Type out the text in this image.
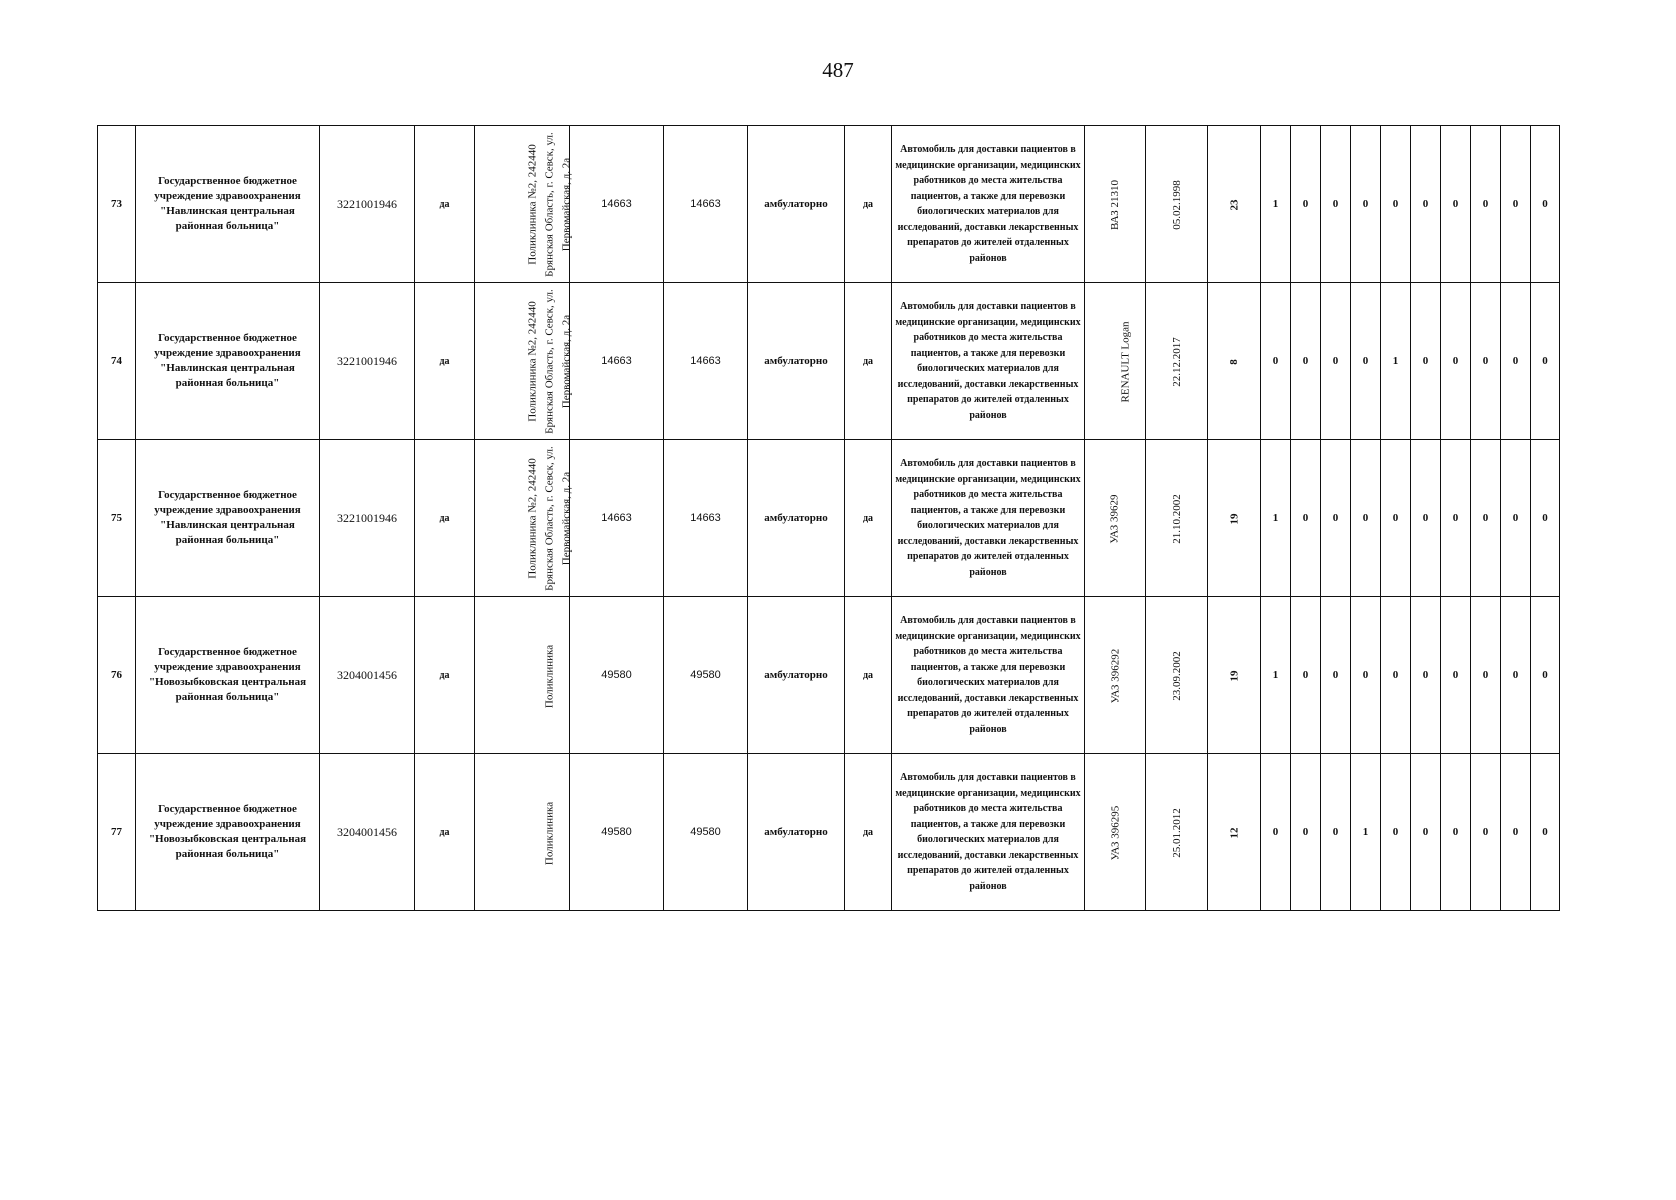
487
73	Государственное бюджетное учреждение здравоохранения "Навлинская центральная районная больница"	3221001946	да	Поликлиника №2, 242440 Брянская Область, г. Севск, ул. Первомайская, д. 2а	14663	14663	амбулаторно	да	Автомобиль для доставки пациентов в медицинские организации, медицинских работников до места жительства пациентов, а также для перевозки биологических материалов для исследований, доставки лекарственных препаратов до жителей отдаленных районов	ВАЗ 21310	05.02.1998	23	1	0	0	0	0	0	0	0	0	0
74	Государственное бюджетное учреждение здравоохранения "Навлинская центральная районная больница"	3221001946	да	Поликлиника №2, 242440 Брянская Область, г. Севск, ул. Первомайская, д. 2а	14663	14663	амбулаторно	да	Автомобиль для доставки пациентов в медицинские организации, медицинских работников до места жительства пациентов, а также для перевозки биологических материалов для исследований, доставки лекарственных препаратов до жителей отдаленных районов	RENAULT Logan	22.12.2017	8	0	0	0	0	1	0	0	0	0	0
75	Государственное бюджетное учреждение здравоохранения "Навлинская центральная районная больница"	3221001946	да	Поликлиника №2, 242440 Брянская Область, г. Севск, ул. Первомайская, д. 2а	14663	14663	амбулаторно	да	Автомобиль для доставки пациентов в медицинские организации, медицинских работников до места жительства пациентов, а также для перевозки биологических материалов для исследований, доставки лекарственных препаратов до жителей отдаленных районов	УАЗ 39629	21.10.2002	19	1	0	0	0	0	0	0	0	0	0
76	Государственное бюджетное учреждение здравоохранения "Новозыбковская центральная районная больница"	3204001456	да	Поликлиника	49580	49580	амбулаторно	да	Автомобиль для доставки пациентов в медицинские организации, медицинских работников до места жительства пациентов, а также для перевозки биологических материалов для исследований, доставки лекарственных препаратов до жителей отдаленных районов	УАЗ 396292	23.09.2002	19	1	0	0	0	0	0	0	0	0	0
77	Государственное бюджетное учреждение здравоохранения "Новозыбковская центральная районная больница"	3204001456	да	Поликлиника	49580	49580	амбулаторно	да	Автомобиль для доставки пациентов в медицинские организации, медицинских работников до места жительства пациентов, а также для перевозки биологических материалов для исследований, доставки лекарственных препаратов до жителей отдаленных районов	УАЗ 396295	25.01.2012	12	0	0	0	1	0	0	0	0	0	0
